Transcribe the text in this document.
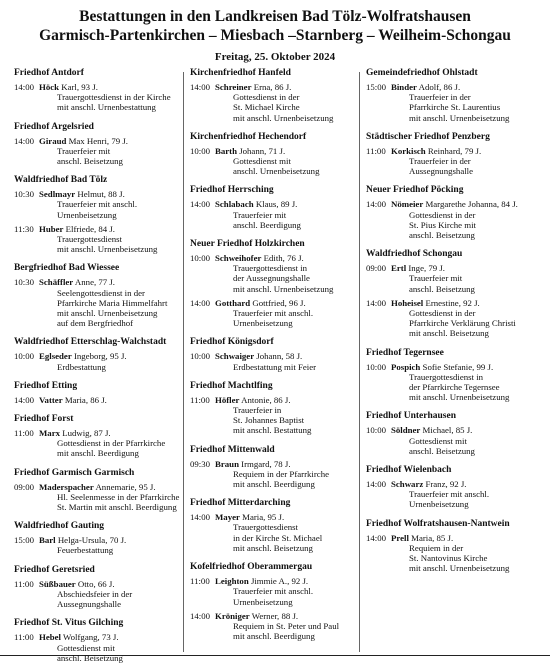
Bestattungen in den Landkreisen Bad Tölz-Wolfratshausen
Garmisch-Partenkirchen – Miesbach –Starnberg – Weilheim-Schongau
Freitag, 25. Oktober 2024
Friedhof Antdorf
14:00 Höck Karl, 93 J.
Trauergottesdienst in der Kirche
mit anschl. Urnenbestattung
Friedhof Argelsried
14:00 Giraud Max Henri, 79 J.
Trauerfeier mit
anschl. Beisetzung
Waldfriedhof Bad Tölz
10:30 Sedlmayr Helmut, 88 J.
Trauerfeier mit anschl.
Urnenbeisetzung
11:30 Huber Elfriede, 84 J.
Trauergottesdienst
mit anschl. Urnenbeisetzung
Bergfriedhof Bad Wiessee
10:30 Schäffler Anne, 77 J.
Seelengottesdienst in der
Pfarrkirche Maria Himmelfahrt
mit anschl. Urnenbeisetzung
auf dem Bergfriedhof
Waldfriedhof Etterschlag-Walchstadt
10:00 Eglseder Ingeborg, 95 J.
Erdbestattung
Friedhof Etting
14:00 Vatter Maria, 86 J.
Friedhof Forst
11:00 Marx Ludwig, 87 J.
Gottesdienst in der Pfarrkirche
mit anschl. Beerdigung
Friedhof Garmisch Garmisch
09:00 Maderspacher Annemarie, 95 J.
Hl. Seelenmesse in der Pfarrkirche
St. Martin mit anschl. Beerdigung
Waldfriedhof Gauting
15:00 Barl Helga-Ursula, 70 J.
Feuerbestattung
Friedhof Geretsried
11:00 Süßbauer Otto, 66 J.
Abschiedsfeier in der
Aussegnungshalle
Friedhof St. Vitus Gilching
11:00 Hebel Wolfgang, 73 J.
Gottesdienst mit
anschl. Beisetzung
Kirchenfriedhof Hanfeld
14:00 Schreiner Erna, 86 J.
Gottesdienst in der
St. Michael Kirche
mit anschl. Urnenbeisetzung
Kirchenfriedhof Hechendorf
10:00 Barth Johann, 71 J.
Gottesdienst mit
anschl. Urnenbeisetzung
Friedhof Herrsching
14:00 Schlabach Klaus, 89 J.
Trauerfeier mit
anschl. Beerdigung
Neuer Friedhof Holzkirchen
10:00 Schweihofer Edith, 76 J.
Trauergottesdienst in
der Aussegnungshalle
mit anschl. Urnenbeisetzung
14:00 Gotthard Gottfried, 96 J.
Trauerfeier mit anschl.
Urnenbeisetzung
Friedhof Königsdorf
10:00 Schwaiger Johann, 58 J.
Erdbestattung mit Feier
Friedhof Machtlfing
11:00 Höfler Antonie, 86 J.
Trauerfeier in
St. Johannes Baptist
mit anschl. Bestattung
Friedhof Mittenwald
09:30 Braun Irmgard, 78 J.
Requiem in der Pfarrkirche
mit anschl. Beerdigung
Friedhof Mitterdarching
14:00 Mayer Maria, 95 J.
Trauergottesdienst
in der Kirche St. Michael
mit anschl. Beisetzung
Kofelfriedhof Oberammergau
11:00 Leighton Jimmie A., 92 J.
Trauerfeier mit anschl.
Urnenbeisetzung
14:00 Kröniger Werner, 88 J.
Requiem in St. Peter und Paul
mit anschl. Beerdigung
Gemeindefriedhof Ohlstadt
15:00 Binder Adolf, 86 J.
Trauerfeier in der
Pfarrkirche St. Laurentius
mit anschl. Urnenbeisetzung
Städtischer Friedhof Penzberg
11:00 Korkisch Reinhard, 79 J.
Trauerfeier in der
Aussegnungshalle
Neuer Friedhof Pöcking
14:00 Nömeier Margarethe Johanna, 84 J.
Gottesdienst in der
St. Pius Kirche mit
anschl. Beisetzung
Waldfriedhof Schongau
09:00 Ertl Inge, 79 J.
Trauerfeier mit
anschl. Beisetzung
14:00 Hoheisel Ernestine, 92 J.
Gottesdienst in der
Pfarrkirche Verklärung Christi
mit anschl. Beisetzung
Friedhof Tegernsee
10:00 Pospich Sofie Stefanie, 99 J.
Trauergottesdienst in
der Pfarrkirche Tegernsee
mit anschl. Urnenbeisetzung
Friedhof Unterhausen
10:00 Söldner Michael, 85 J.
Gottesdienst mit
anschl. Beisetzung
Friedhof Wielenbach
14:00 Schwarz Franz, 92 J.
Trauerfeier mit anschl.
Urnenbeisetzung
Friedhof Wolfratshausen-Nantwein
14:00 Prell Maria, 85 J.
Requiem in der
St. Nantovinus Kirche
mit anschl. Urnenbeisetzung
